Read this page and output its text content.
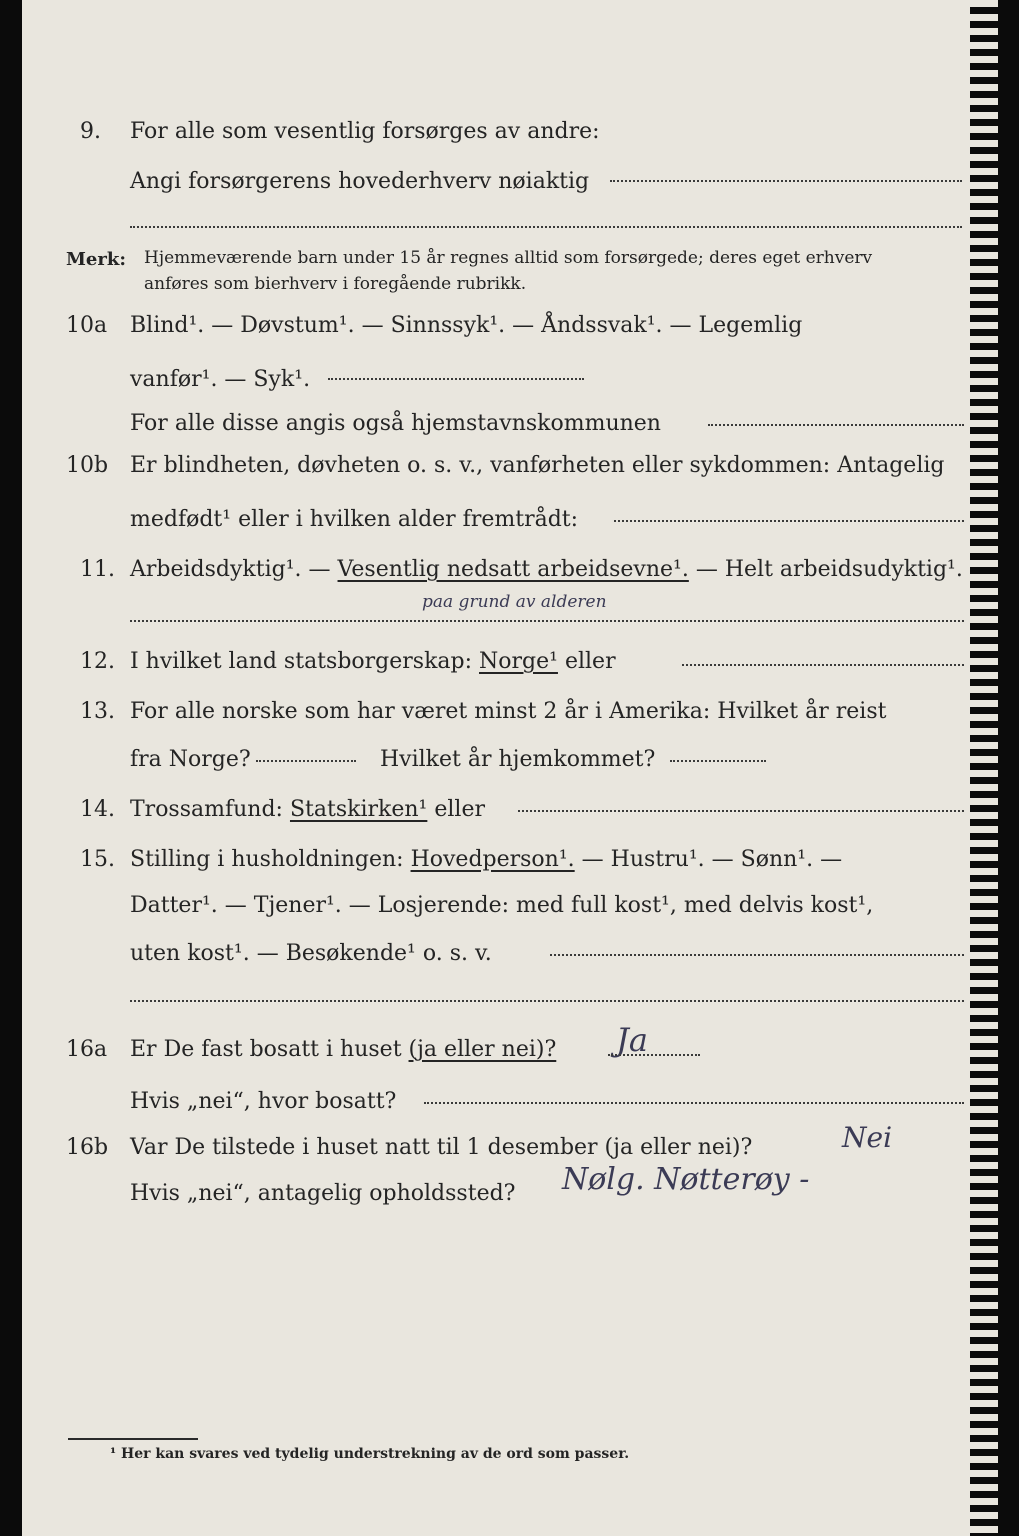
9. For alle som vesentlig forsørges av andre:
Angi forsørgerens hovederhverv nøiaktig
Merk: Hjemmeværende barn under 15 år regnes alltid som forsørgede; deres eget erhverv
anføres som bierhverv i foregående rubrikk.
10a Blind¹. — Døvstum¹. — Sinnssyk¹. — Åndssvak¹. — Legemlig
vanfør¹. — Syk¹.
For alle disse angis også hjemstavnskommunen
10b Er blindheten, døvheten o. s. v., vanførheten eller sykdommen: Antagelig
medfødt¹ eller i hvilken alder fremtrådt:
11. Arbeidsdyktig¹. — Vesentlig nedsatt arbeidsevne¹. — Helt arbeidsudyktig¹.
paa grund av alderen
12. I hvilket land statsborgerskap: Norge¹ eller
13. For alle norske som har været minst 2 år i Amerika: Hvilket år reist
fra Norge?	Hvilket år hjemkommet?
14. Trossamfund: Statskirken¹ eller
15. Stilling i husholdningen: Hovedperson¹. — Hustru¹. — Sønn¹. —
Datter¹. — Tjener¹. — Losjerende: med full kost¹, med delvis kost¹,
uten kost¹. — Besøkende¹ o. s. v.
16a Er De fast bosatt i huset (ja eller nei)? Ja
Hvis „nei“, hvor bosatt?
16b Var De tilstede i huset natt til 1 desember (ja eller nei)?	Nei
Hvis „nei“, antagelig opholdssted? Nølg. Nøtterøy -
¹ Her kan svares ved tydelig understrekning av de ord som passer.
